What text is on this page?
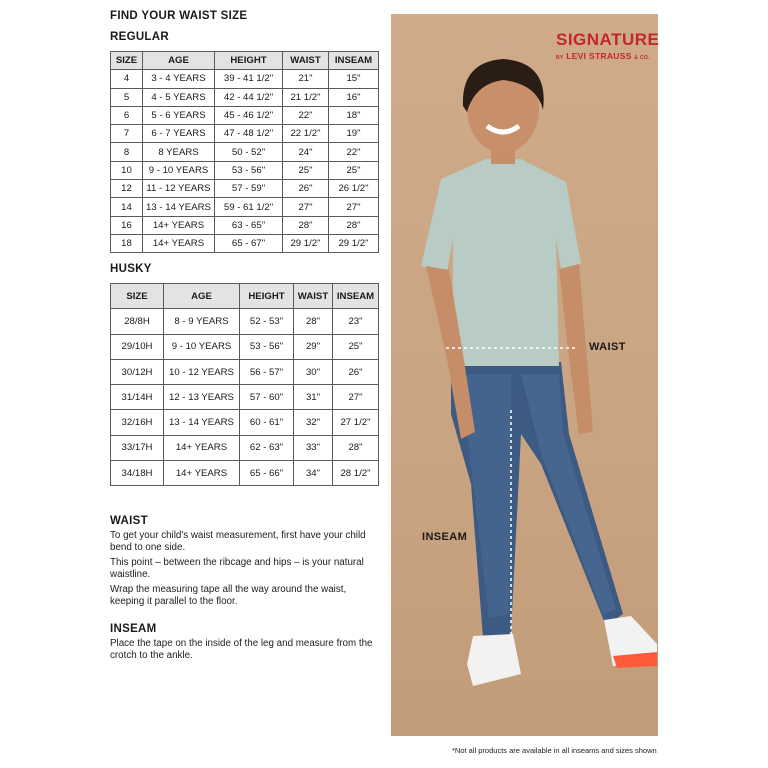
FIND YOUR WAIST SIZE
REGULAR
SIZE	AGE	HEIGHT	WAIST	INSEAM
4	3 - 4 YEARS	39 - 41 1/2"	21"	15"
5	4 - 5 YEARS	42 - 44 1/2"	21 1/2"	16"
6	5 - 6 YEARS	45 - 46 1/2"	22"	18"
7	6 - 7 YEARS	47 - 48 1/2"	22 1/2"	19"
8	8 YEARS	50 - 52"	24"	22"
10	9 - 10 YEARS	53 - 56"	25"	25"
12	11 - 12 YEARS	57 - 59"	26"	26 1/2"
14	13 - 14 YEARS	59 - 61 1/2"	27"	27"
16	14+ YEARS	63 - 65"	28"	28"
18	14+ YEARS	65 - 67"	29 1/2"	29 1/2"
HUSKY
SIZE	AGE	HEIGHT	WAIST	INSEAM
28/8H	8 - 9 YEARS	52 - 53"	28"	23"
29/10H	9 - 10 YEARS	53 - 56"	29"	25"
30/12H	10 - 12 YEARS	56 - 57"	30"	26"
31/14H	12 - 13 YEARS	57 - 60"	31"	27"
32/16H	13 - 14 YEARS	60 - 61"	32"	27 1/2"
33/17H	14+ YEARS	62 - 63"	33"	28"
34/18H	14+ YEARS	65 - 66"	34"	28 1/2"
WAIST

To get your child's waist measurement, first have your child bend to one side.

This point – between the ribcage and hips – is your natural waistline.

Wrap the measuring tape all the way around the waist, keeping it parallel to the floor.

INSEAM

Place the tape on the inside of the leg and measure from the crotch to the ankle.

SIGNATURE
BY LEVI STRAUSS & CO.
WAIST
INSEAM
*Not all products are available in all inseams and sizes shown
